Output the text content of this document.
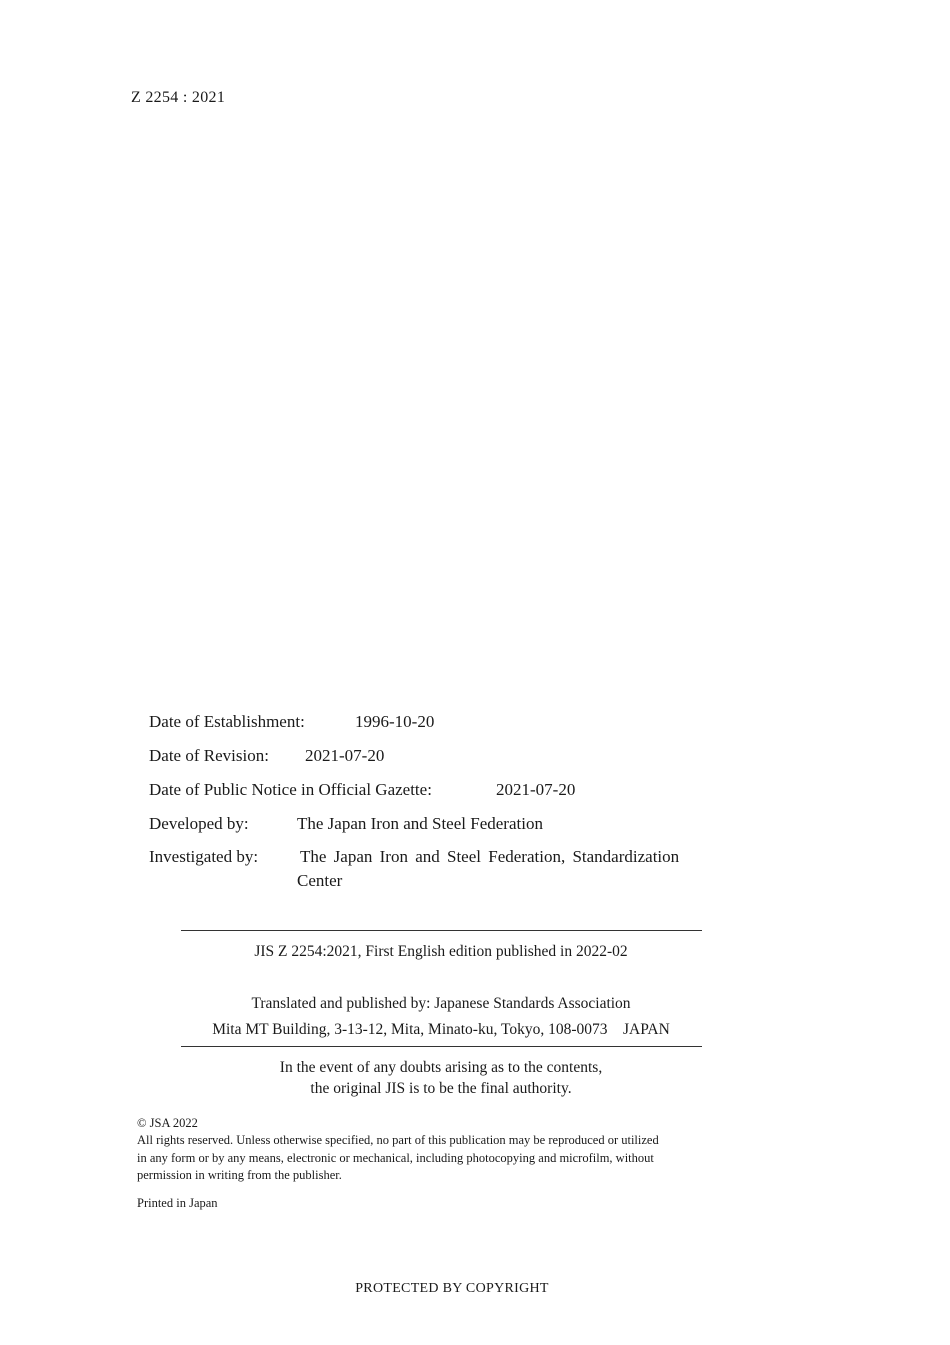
Z 2254 : 2021
Date of Establishment:	1996-10-20
Date of Revision: 2021-07-20
Date of Public Notice in Official Gazette:	2021-07-20
Developed by:	The Japan Iron and Steel Federation
Investigated by: The Japan Iron and Steel Federation, Standardization
Center
JIS Z 2254:2021, First English edition published in 2022-02
Translated and published by: Japanese Standards Association
Mita MT Building, 3-13-12, Mita, Minato-ku, Tokyo, 108-0073　JAPAN
In the event of any doubts arising as to the contents,
the original JIS is to be the final authority.
© JSA 2022
All rights reserved. Unless otherwise specified, no part of this publication may be reproduced or utilized
in any form or by any means, electronic or mechanical, including photocopying and microfilm, without
permission in writing from the publisher.
Printed in Japan
PROTECTED BY COPYRIGHT
